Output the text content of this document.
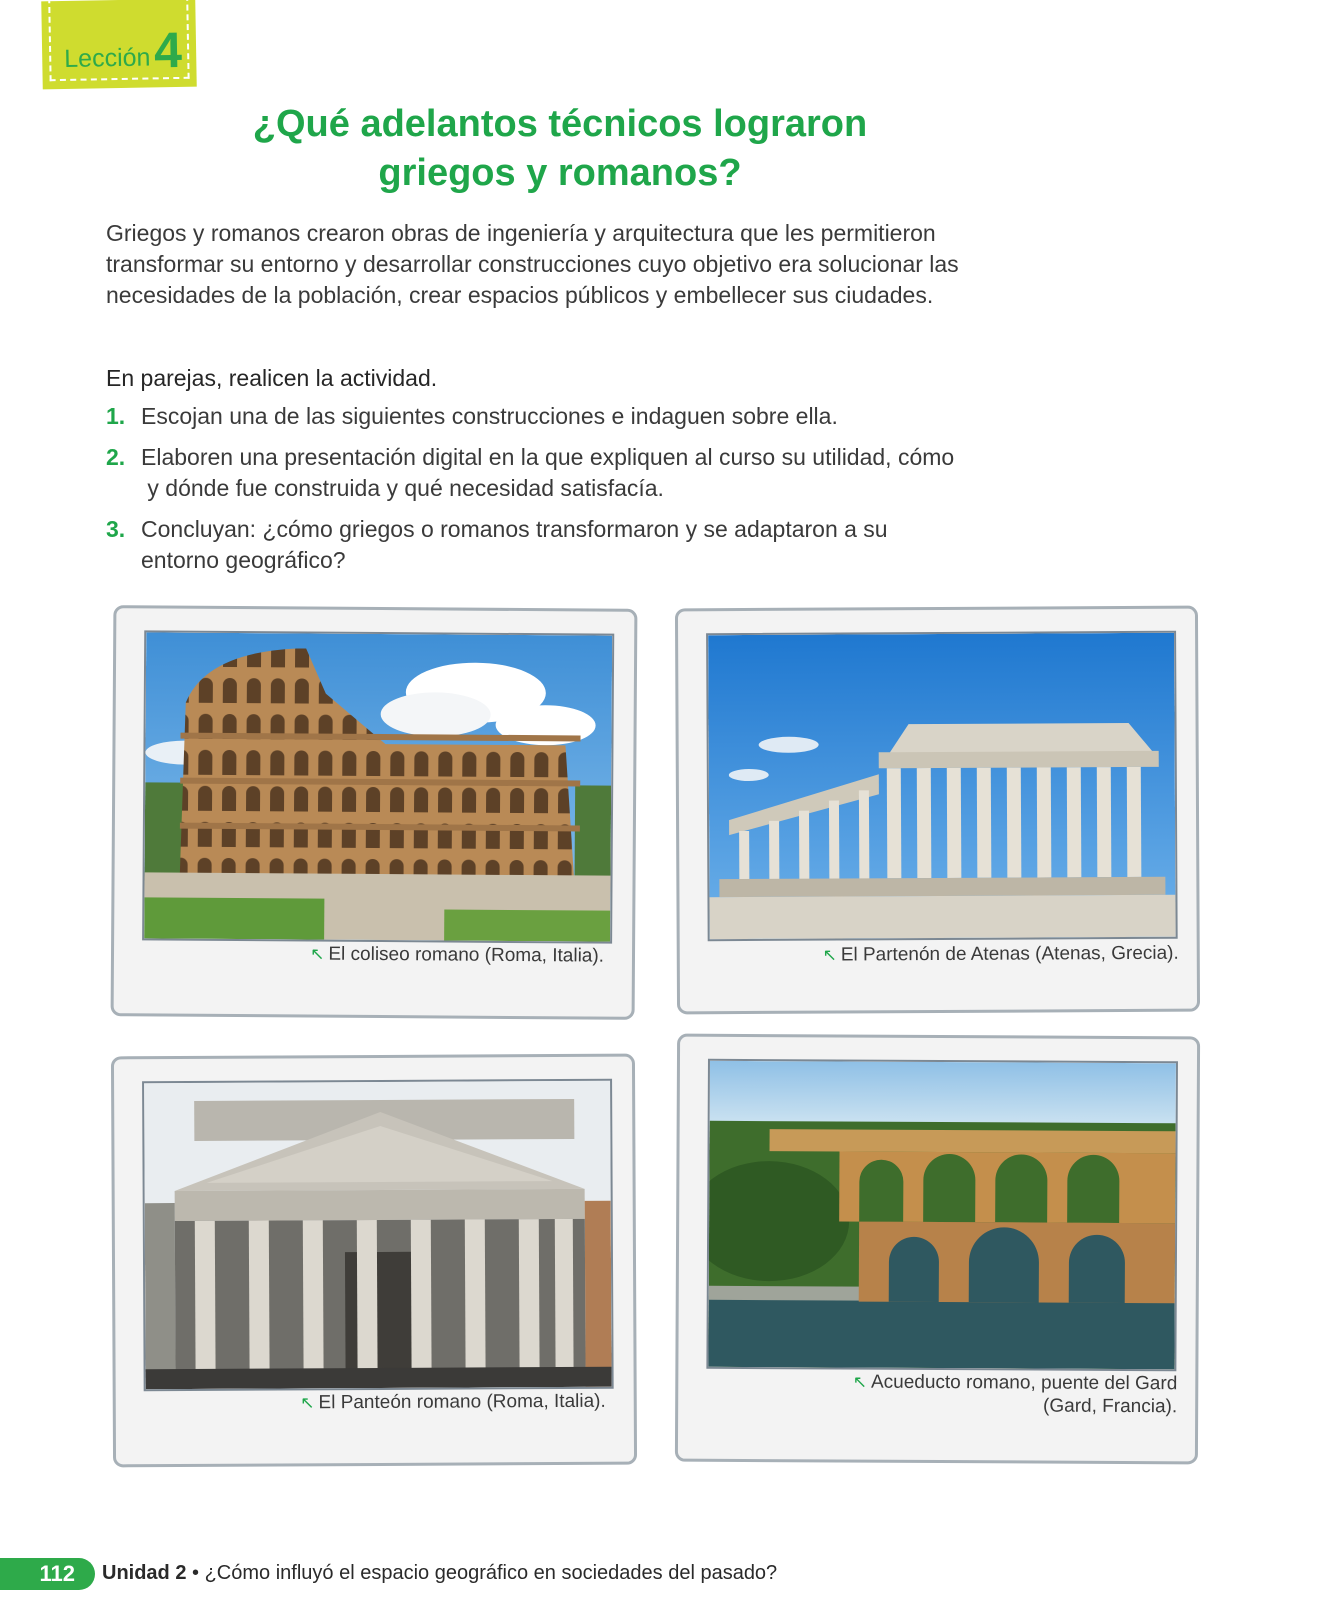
Lección 4
¿Qué adelantos técnicos lograron
griegos y romanos?

Griegos y romanos crearon obras de ingeniería y arquitectura que les permitieron
transformar su entorno y desarrollar construcciones cuyo objetivo era solucionar las
necesidades de la población, crear espacios públicos y embellecer sus ciudades.

En parejas, realicen la actividad.

1. Escojan una de las siguientes construcciones e indaguen sobre ella.
2. Elaboren una presentación digital en la que expliquen al curso su utilidad, cómo
y dónde fue construida y qué necesidad satisfacía.
3. Concluyan: ¿cómo griegos o romanos transformaron y se adaptaron a su
entorno geográfico?
↖ El coliseo romano (Roma, Italia).	↖ El Partenón de Atenas (Atenas, Grecia).
↖ El Panteón romano (Roma, Italia).
↖ Acueducto romano, puente del Gard
(Gard, Francia).
112	Unidad 2 • ¿Cómo influyó el espacio geográfico en sociedades del pasado?
